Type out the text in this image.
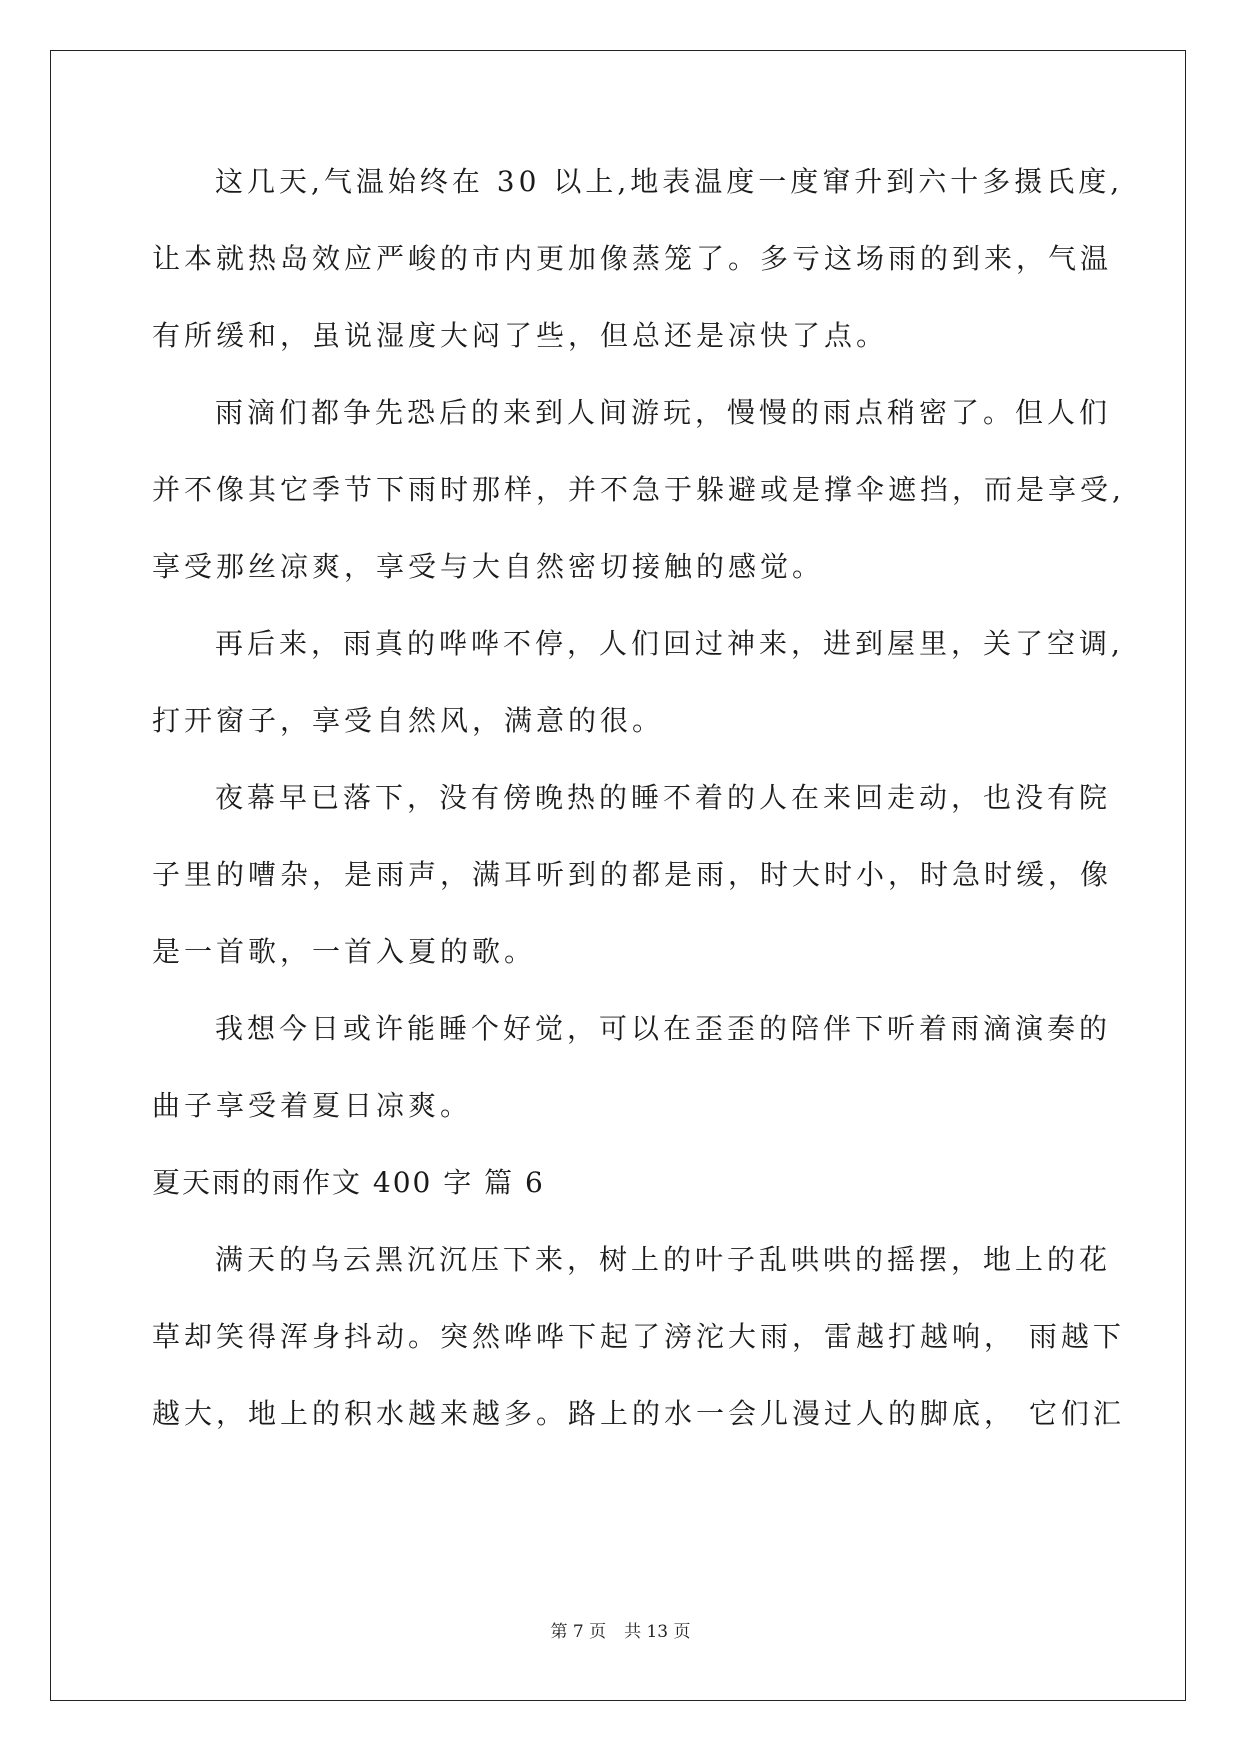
这几天,气温始终在 30 以上,地表温度一度窜升到六十多摄氏度,
让本就热岛效应严峻的市内更加像蒸笼了。多亏这场雨的到来，气温
有所缓和，虽说湿度大闷了些，但总还是凉快了点。
雨滴们都争先恐后的来到人间游玩，慢慢的雨点稍密了。但人们
并不像其它季节下雨时那样，并不急于躲避或是撑伞遮挡，而是享受,
享受那丝凉爽，享受与大自然密切接触的感觉。
再后来，雨真的哗哗不停，人们回过神来，进到屋里，关了空调,
打开窗子，享受自然风，满意的很。
夜幕早已落下，没有傍晚热的睡不着的人在来回走动，也没有院
子里的嘈杂，是雨声，满耳听到的都是雨，时大时小，时急时缓，像
是一首歌，一首入夏的歌。
我想今日或许能睡个好觉，可以在歪歪的陪伴下听着雨滴演奏的
曲子享受着夏日凉爽。
夏天雨的雨作文 400 字 篇 6
满天的乌云黑沉沉压下来，树上的叶子乱哄哄的摇摆，地上的花
草却笑得浑身抖动。突然哗哗下起了滂沱大雨，雷越打越响， 雨越下
越大，地上的积水越来越多。路上的水一会儿漫过人的脚底， 它们汇
第 7 页 共 13 页
